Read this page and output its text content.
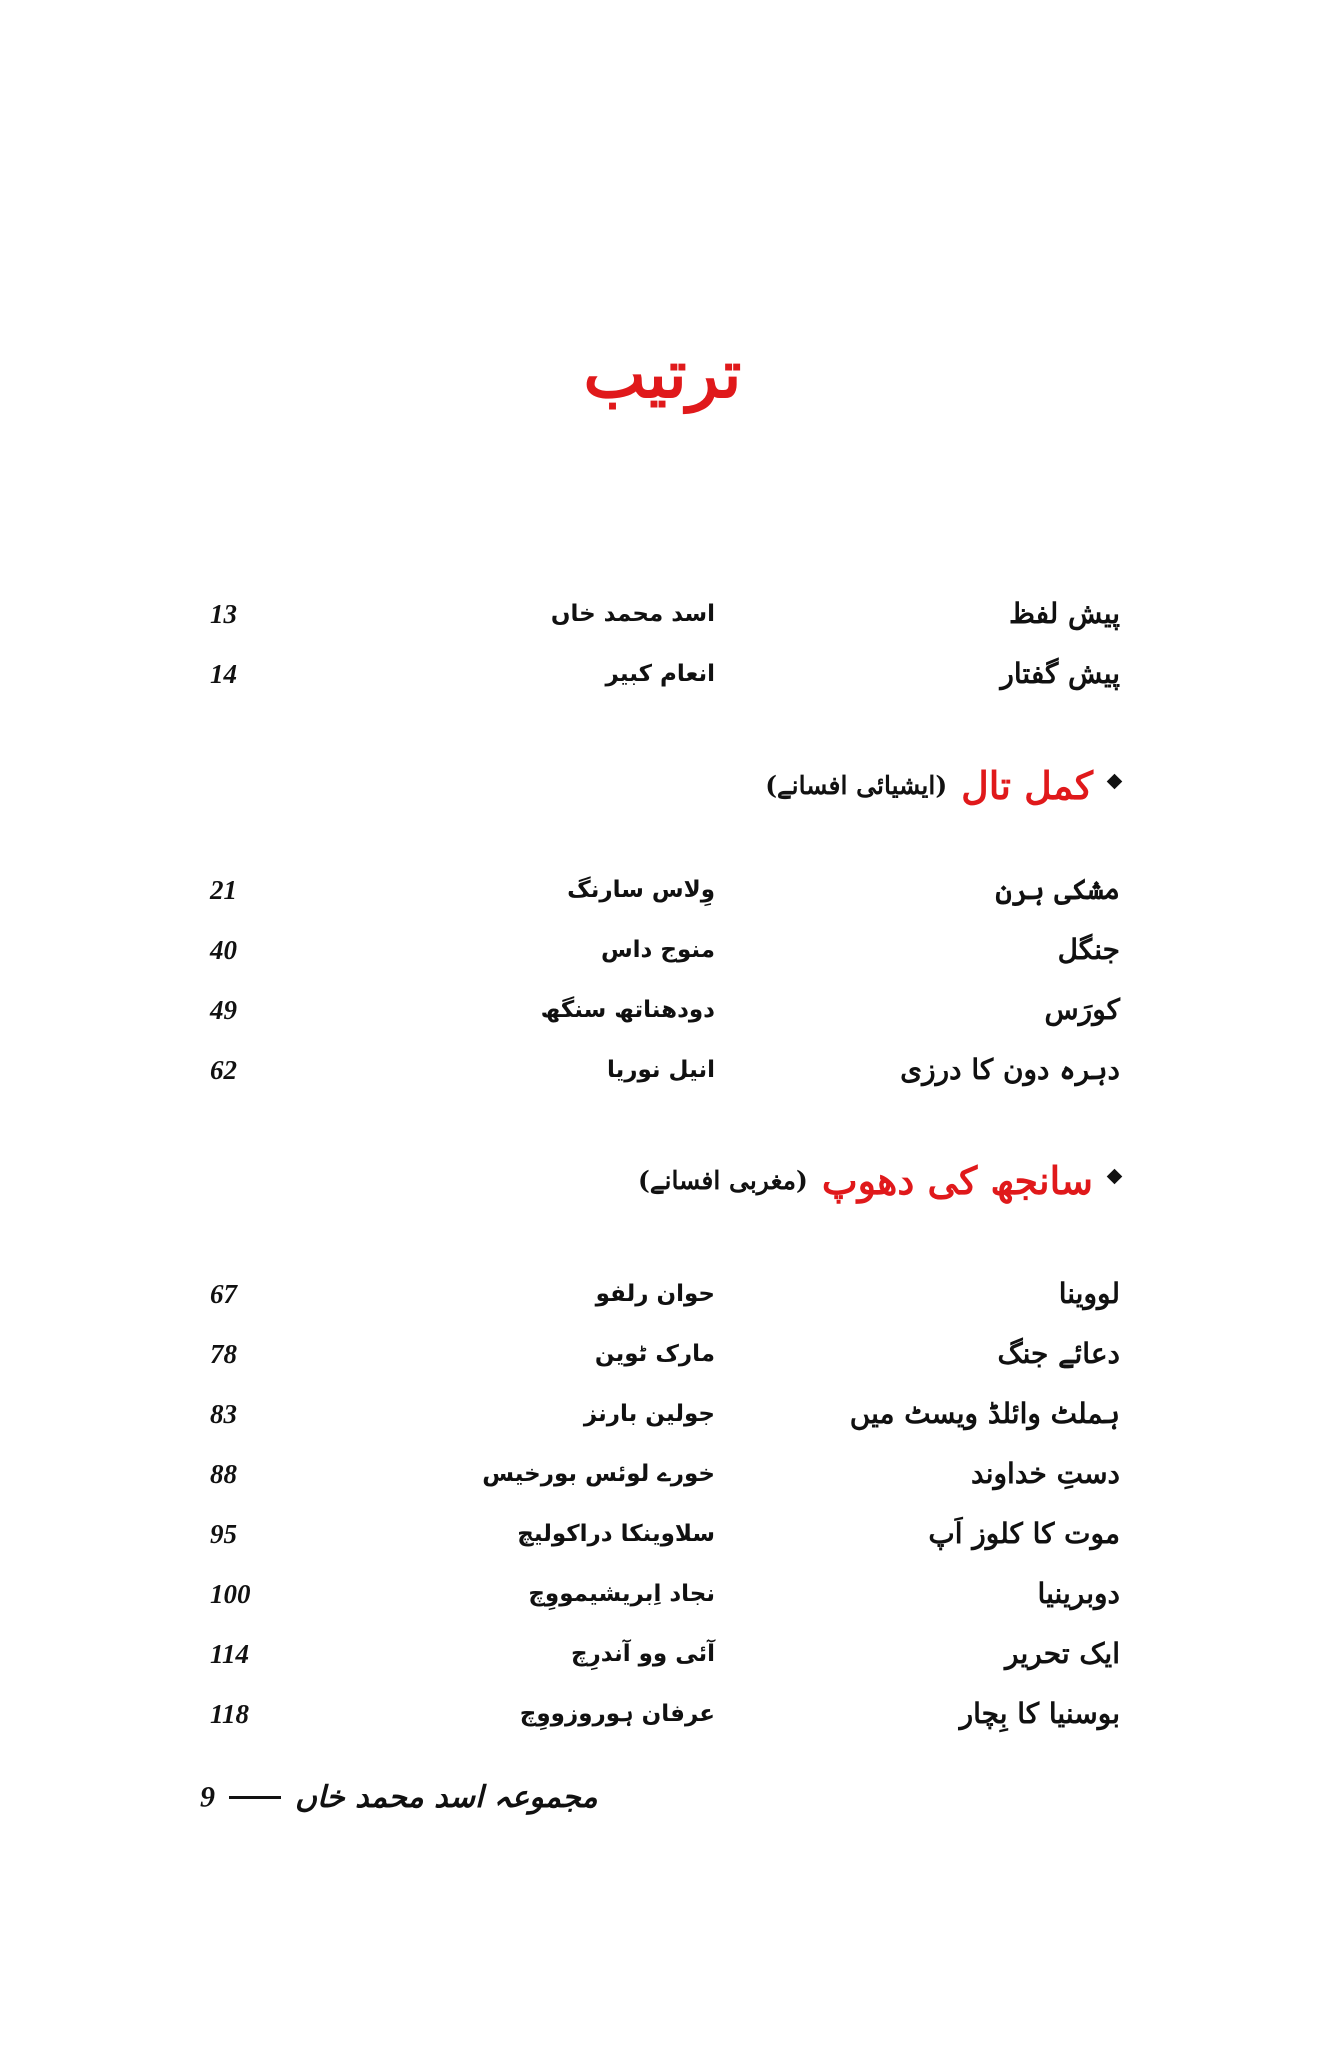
ترتیب
پیش لفظ
اسد محمد خاں
13
پیش گفتار
انعام کبیر
14
کمل تال(ایشیائی افسانے)
مشکی ہرن
وِلاس سارنگ
21
جنگل
منوج داس
40
کورَس
دودھناتھ سنگھ
49
دہرہ دون کا درزی
انیل نوریا
62
سانجھ کی دھوپ(مغربی افسانے)
لووینا
حوان رلفو
67
دعائے جنگ
مارک ٹوین
78
ہملٹ وائلڈ ویسٹ میں
جولین بارنز
83
دستِ خداوند
خورے لوئس بورخیس
88
موت کا کلوز اَپ
سلاوینکا دراکولیچ
95
دوبرینیا
نجاد اِبریشیمووِچ
100
ایک تحریر
آئی وو آندرِچ
114
بوسنیا کا بِچار
عرفان ہوروزووِچ
118
9	مجموعہ اسد محمد خاں
